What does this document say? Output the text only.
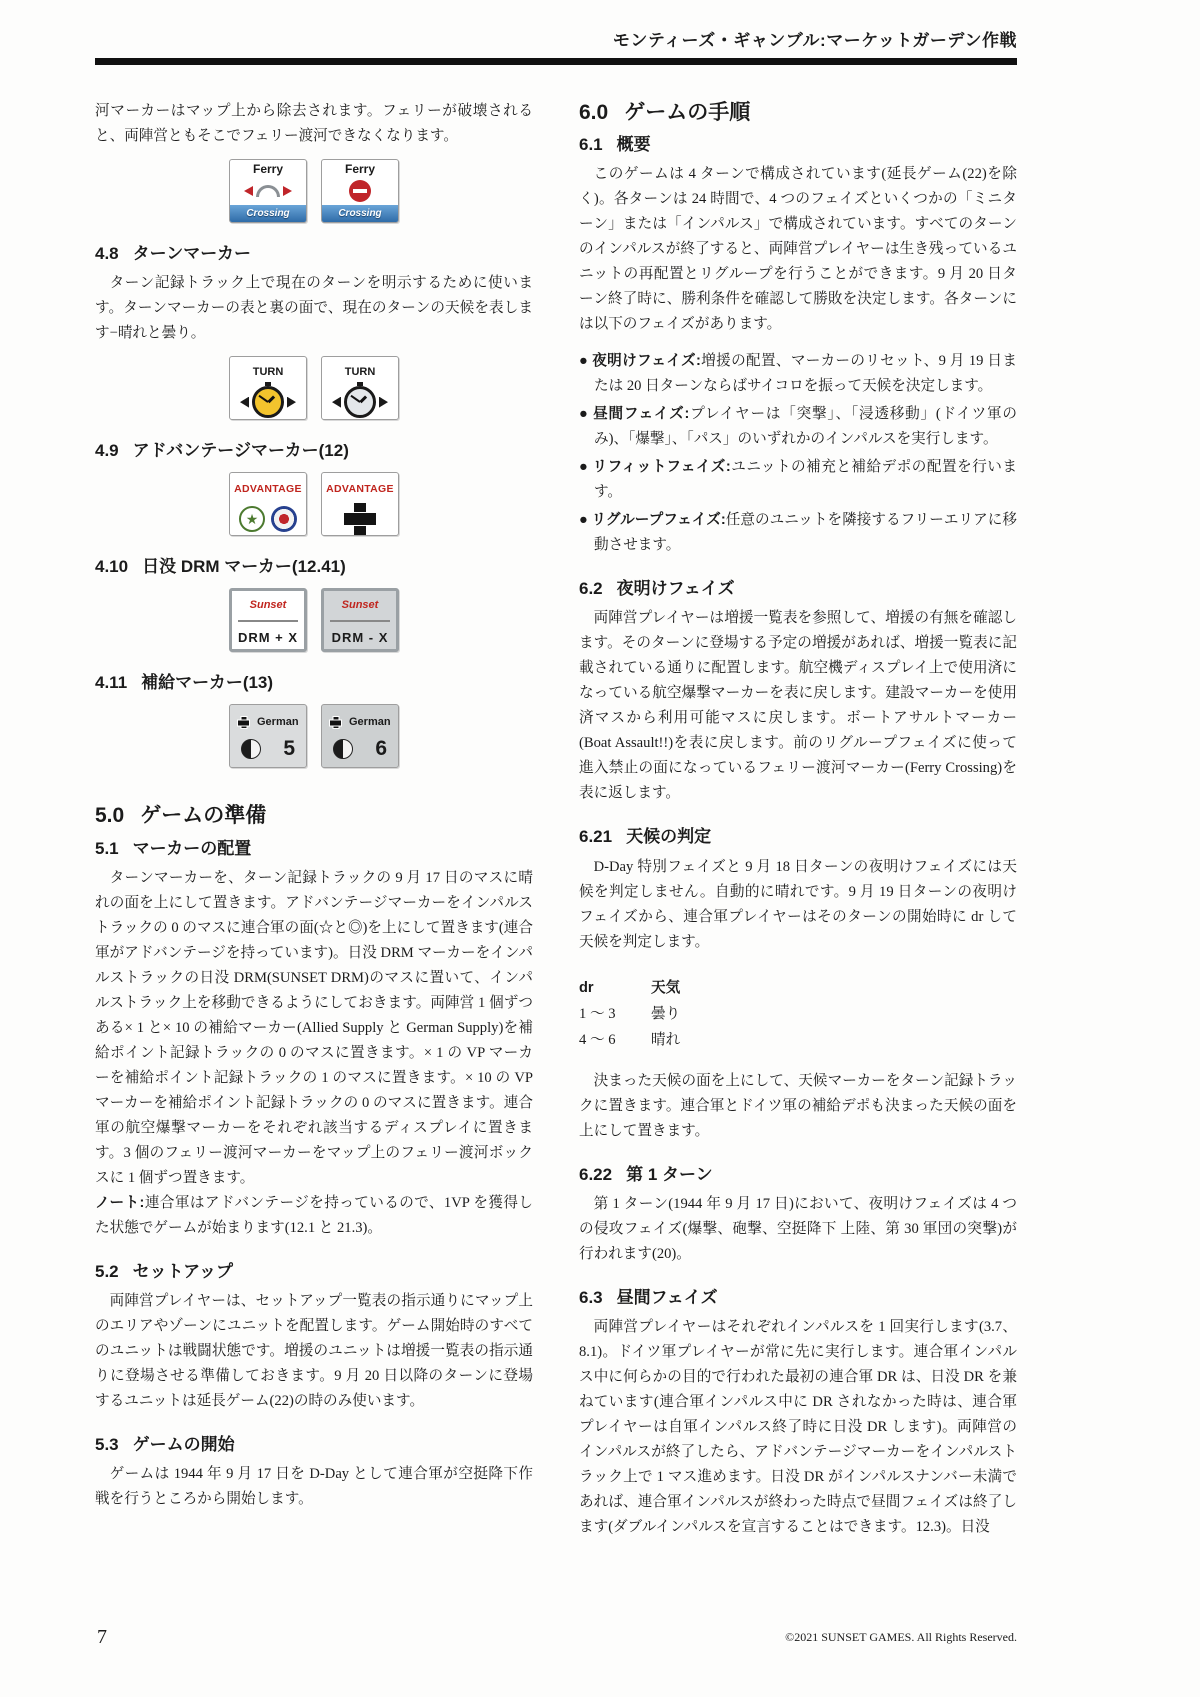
モンティーズ・ギャンブル:マーケットガーデン作戦

河マーカーはマップ上から除去されます。フェリーが破壊されると、両陣営ともそこでフェリー渡河できなくなります。

Ferry
Crossing
Ferry
Crossing
4.8 ターンマーカー

ターン記録トラック上で現在のターンを明示するために使います。ターンマーカーの表と裏の面で、現在のターンの天候を表します−晴れと曇り。

TURN	TURN
4.9 アドバンテージマーカー(12)
ADVANTAGE
★
ADVANTAGE
4.10 日没 DRM マーカー(12.41)
Sunset
DRM + X
Sunset
DRM - X
4.11 補給マーカー(13)
German
5
German
6
5.0 ゲームの準備
5.1 マーカーの配置

ターンマーカーを、ターン記録トラックの 9 月 17 日のマスに晴れの面を上にして置きます。アドバンテージマーカーをインパルストラックの 0 のマスに連合軍の面(☆と◎)を上にして置きます(連合軍がアドバンテージを持っています)。日没 DRM マーカーをインパルストラックの日没 DRM(SUNSET DRM)のマスに置いて、インパルストラック上を移動できるようにしておきます。両陣営 1 個ずつある× 1 と× 10 の補給マーカー(Allied Supply と German Supply)を補給ポイント記録トラックの 0 のマスに置きます。× 1 の VP マーカーを補給ポイント記録トラックの 1 のマスに置きます。× 10 の VP マーカーを補給ポイント記録トラックの 0 のマスに置きます。連合軍の航空爆撃マーカーをそれぞれ該当するディスプレイに置きます。3 個のフェリー渡河マーカーをマップ上のフェリー渡河ボックスに 1 個ずつ置きます。

ノート:連合軍はアドバンテージを持っているので、1VP を獲得した状態でゲームが始まります(12.1 と 21.3)。

5.2 セットアップ

両陣営プレイヤーは、セットアップ一覧表の指示通りにマップ上のエリアやゾーンにユニットを配置します。ゲーム開始時のすべてのユニットは戦闘状態です。増援のユニットは増援一覧表の指示通りに登場させる準備しておきます。9 月 20 日以降のターンに登場するユニットは延長ゲーム(22)の時のみ使います。

5.3 ゲームの開始

ゲームは 1944 年 9 月 17 日を D-Day として連合軍が空挺降下作戦を行うところから開始します。

6.0 ゲームの手順
6.1 概要

このゲームは 4 ターンで構成されています(延長ゲーム(22)を除く)。各ターンは 24 時間で、4 つのフェイズといくつかの「ミニターン」または「インパルス」で構成されています。すべてのターンのインパルスが終了すると、両陣営プレイヤーは生き残っているユニットの再配置とリグループを行うことができます。9 月 20 日ターン終了時に、勝利条件を確認して勝敗を決定します。各ターンには以下のフェイズがあります。

● 夜明けフェイズ:増援の配置、マーカーのリセット、9 月 19 日または 20 日ターンならばサイコロを振って天候を決定します。
● 昼間フェイズ:プレイヤーは「突撃」、「浸透移動」(ドイツ軍のみ)、「爆撃」、「パス」のいずれかのインパルスを実行します。
● リフィットフェイズ:ユニットの補充と補給デポの配置を行います。
● リグループフェイズ:任意のユニットを隣接するフリーエリアに移動させます。
6.2 夜明けフェイズ

両陣営プレイヤーは増援一覧表を参照して、増援の有無を確認します。そのターンに登場する予定の増援があれば、増援一覧表に記載されている通りに配置します。航空機ディスプレイ上で使用済になっている航空爆撃マーカーを表に戻します。建設マーカーを使用済マスから利用可能マスに戻します。ボートアサルトマーカー(Boat Assault!!)を表に戻します。前のリグループフェイズに使って進入禁止の面になっているフェリー渡河マーカー(Ferry Crossing)を表に返します。

6.21 天候の判定

D-Day 特別フェイズと 9 月 18 日ターンの夜明けフェイズには天候を判定しません。自動的に晴れです。9 月 19 日ターンの夜明けフェイズから、連合軍プレイヤーはそのターンの開始時に dr して天候を判定します。

dr	天気
1 〜 3 曇り
4 〜 6 晴れ

決まった天候の面を上にして、天候マーカーをターン記録トラックに置きます。連合軍とドイツ軍の補給デポも決まった天候の面を上にして置きます。

6.22 第 1 ターン

第 1 ターン(1944 年 9 月 17 日)において、夜明けフェイズは 4 つの侵攻フェイズ(爆撃、砲撃、空挺降下 上陸、第 30 軍団の突撃)が行われます(20)。

6.3 昼間フェイズ

両陣営プレイヤーはそれぞれインパルスを 1 回実行します(3.7、8.1)。ドイツ軍プレイヤーが常に先に実行します。連合軍インパルス中に何らかの目的で行われた最初の連合軍 DR は、日没 DR を兼ねています(連合軍インパルス中に DR されなかった時は、連合軍プレイヤーは自軍インパルス終了時に日没 DR します)。両陣営のインパルスが終了したら、アドバンテージマーカーをインパルストラック上で 1 マス進めます。日没 DR がインパルスナンバー未満であれば、連合軍インパルスが終わった時点で昼間フェイズは終了します(ダブルインパルスを宣言することはできます。12.3)。日没

7	©2021 SUNSET GAMES. All Rights Reserved.
